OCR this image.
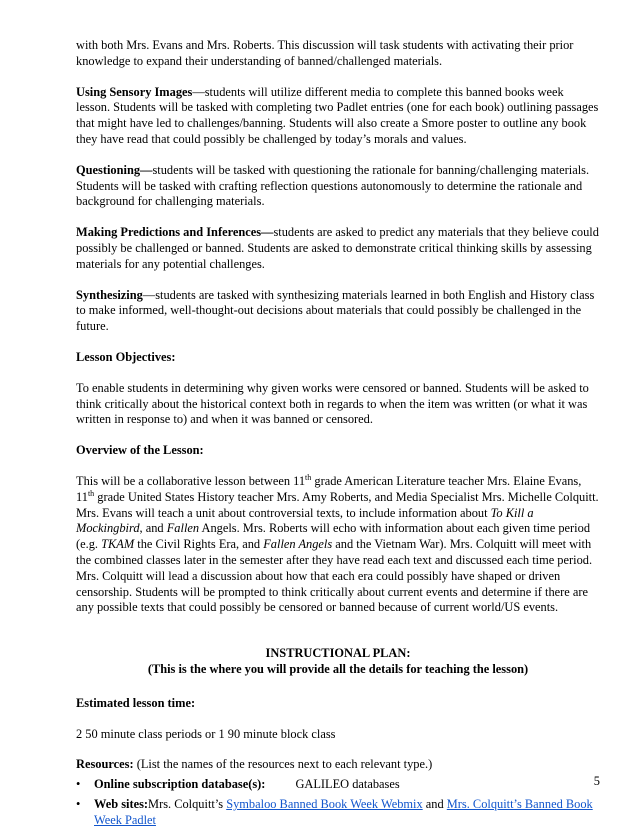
with both Mrs. Evans and Mrs. Roberts. This discussion will task students with activating their prior knowledge to expand their understanding of banned/challenged materials.

Using Sensory Images—students will utilize different media to complete this banned books week lesson. Students will be tasked with completing two Padlet entries (one for each book) outlining passages that might have led to challenges/banning. Students will also create a Smore poster to outline any book they have read that could possibly be challenged by today’s morals and values.

Questioning—students will be tasked with questioning the rationale for banning/challenging materials. Students will be tasked with crafting reflection questions autonomously to determine the rationale and background for challenging materials.

Making Predictions and Inferences—students are asked to predict any materials that they believe could possibly be challenged or banned. Students are asked to demonstrate critical thinking skills by assessing materials for any potential challenges.

Synthesizing—students are tasked with synthesizing materials learned in both English and History class to make informed, well-thought-out decisions about materials that could possibly be challenged in the future.

Lesson Objectives:

To enable students in determining why given works were censored or banned. Students will be asked to think critically about the historical context both in regards to when the item was written (or what it was written in response to) and when it was banned or censored.

Overview of the Lesson:

This will be a collaborative lesson between 11th grade American Literature teacher Mrs. Elaine Evans, 11th grade United States History teacher Mrs. Amy Roberts, and Media Specialist Mrs. Michelle Colquitt. Mrs. Evans will teach a unit about controversial texts, to include information about To Kill a Mockingbird, and Fallen Angels. Mrs. Roberts will echo with information about each given time period (e.g. TKAM the Civil Rights Era, and Fallen Angels and the Vietnam War). Mrs. Colquitt will meet with the combined classes later in the semester after they have read each text and discussed each time period. Mrs. Colquitt will lead a discussion about how that each era could possibly have shaped or driven censorship. Students will be prompted to think critically about current events and determine if there are any possible texts that could possibly be censored or banned because of current world/US events.

INSTRUCTIONAL PLAN:
(This is the where you will provide all the details for teaching the lesson)

Estimated lesson time:

2 50 minute class periods or 1 90 minute block class

Resources: (List the names of the resources next to each relevant type.)
• Online subscription database(s): GALILEO databases
• Web sites:Mrs. Colquitt’s Symbaloo Banned Book Week Webmix and Mrs. Colquitt’s Banned Book Week Padlet
5
